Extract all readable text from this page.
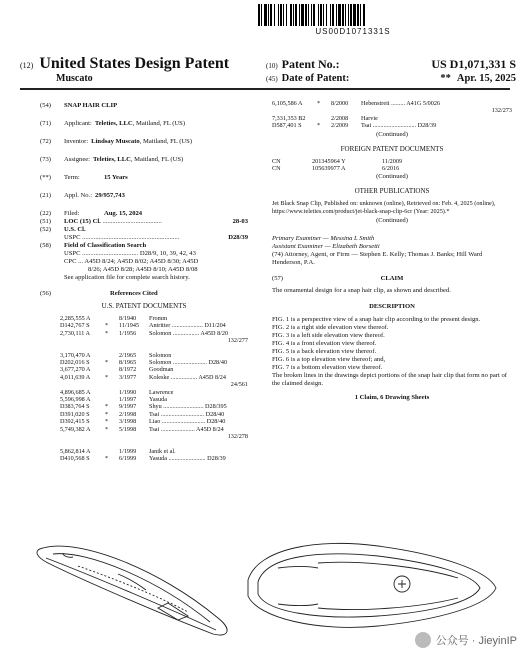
US00D1071331S
(12) United States Design Patent
Muscato
(10) Patent No.:	US D1,071,331 S
(45) Date of Patent:	** Apr. 15, 2025
(54) SNAP HAIR CLIP
(71) Applicant: Teleties, LLC, Maitland, FL (US)
(72) Inventor: Lindsay Muscato, Maitland, FL (US)
(73) Assignee: Teleties, LLC, Maitland, FL (US)
(**) Term:	15 Years
(21) Appl. No.: 29/957,743
(22) Filed:	Aug. 15, 2024
(51) LOC (15) Cl. ....................................	28-03
(52) U.S. Cl.
USPC ...........................................................	D28/39
(58) Field of Classification Search
USPC .................................. D28/9, 10, 39, 42, 43
CPC ... A45D 8/24; A45D 8/02; A45D 8/30; A45D
8/26; A45D 8/28; A45D 8/10; A45D 8/08
See application file for complete search history.
(56)	References Cited
U.S. PATENT DOCUMENTS
2,285,555 A	8/1940	Fromm
D142,767 S	*	11/1945	Antritter .................... D11/204
2,730,111 A	*	1/1956	Solomon ................. A45D 8/20
132/277
3,170,470 A	2/1965	Solomon
D202,016 S	*	8/1965	Solomon ...................... D28/40
3,677,270 A	8/1972	Goodman
4,011,639 A	*	3/1977	Koleske ................. A45D 8/24
24/561
4,896,685 A	1/1990	Lawrence
5,596,998 A	1/1997	Yasuda
D383,764 S	*	9/1997	Shyu .......................... D28/395
D391,020 S	*	2/1998	Tsai ............................ D28/40
D392,415 S	*	3/1998	Liao ............................ D28/40
5,749,382 A	*	5/1998	Tsai ...................... A45D 8/24
132/278
5,862,814 A	1/1999	Janik et al.
D410,568 S	*	6/1999	Yasuda ........................ D28/39
6,105,586 A	*	8/2000	Hebenstreit ......... A41G 5/0026
132/273
7,331,353 B2	2/2008	Harvie
D587,401 S	*	2/2009	Tsai ............................ D28/39
(Continued)
FOREIGN PATENT DOCUMENTS
CN	201345964 Y	11/2009
CN	105639977 A	6/2016
(Continued)
OTHER PUBLICATIONS
Jet Black Snap Clip, Published on: unknown (online), Retrieved on: Feb. 4, 2025 (online), https://www.teleties.com/product/jet-black-snap-clip-6cr (Year: 2025).*
(Continued)
Primary Examiner — Messina L Smith
Assistant Examiner — Elizabeth Borsetti
(74) Attorney, Agent, or Firm — Stephen E. Kelly; Thomas J. Banks; Hill Ward Henderson, P.A.
(57)	CLAIM
The ornamental design for a snap hair clip, as shown and described.
DESCRIPTION
FIG. 1 is a perspective view of a snap hair clip according to the present design.
FIG. 2 is a right side elevation view thereof.
FIG. 3 is a left side elevation view thereof.
FIG. 4 is a front elevation view thereof.
FIG. 5 is a back elevation view thereof.
FIG. 6 is a top elevation view thereof; and,
FIG. 7 is a bottom elevation view thereof.
The broken lines in the drawings depict portions of the snap hair clip that form no part of the claimed design.
1 Claim, 6 Drawing Sheets
公众号 · JieyinIP
